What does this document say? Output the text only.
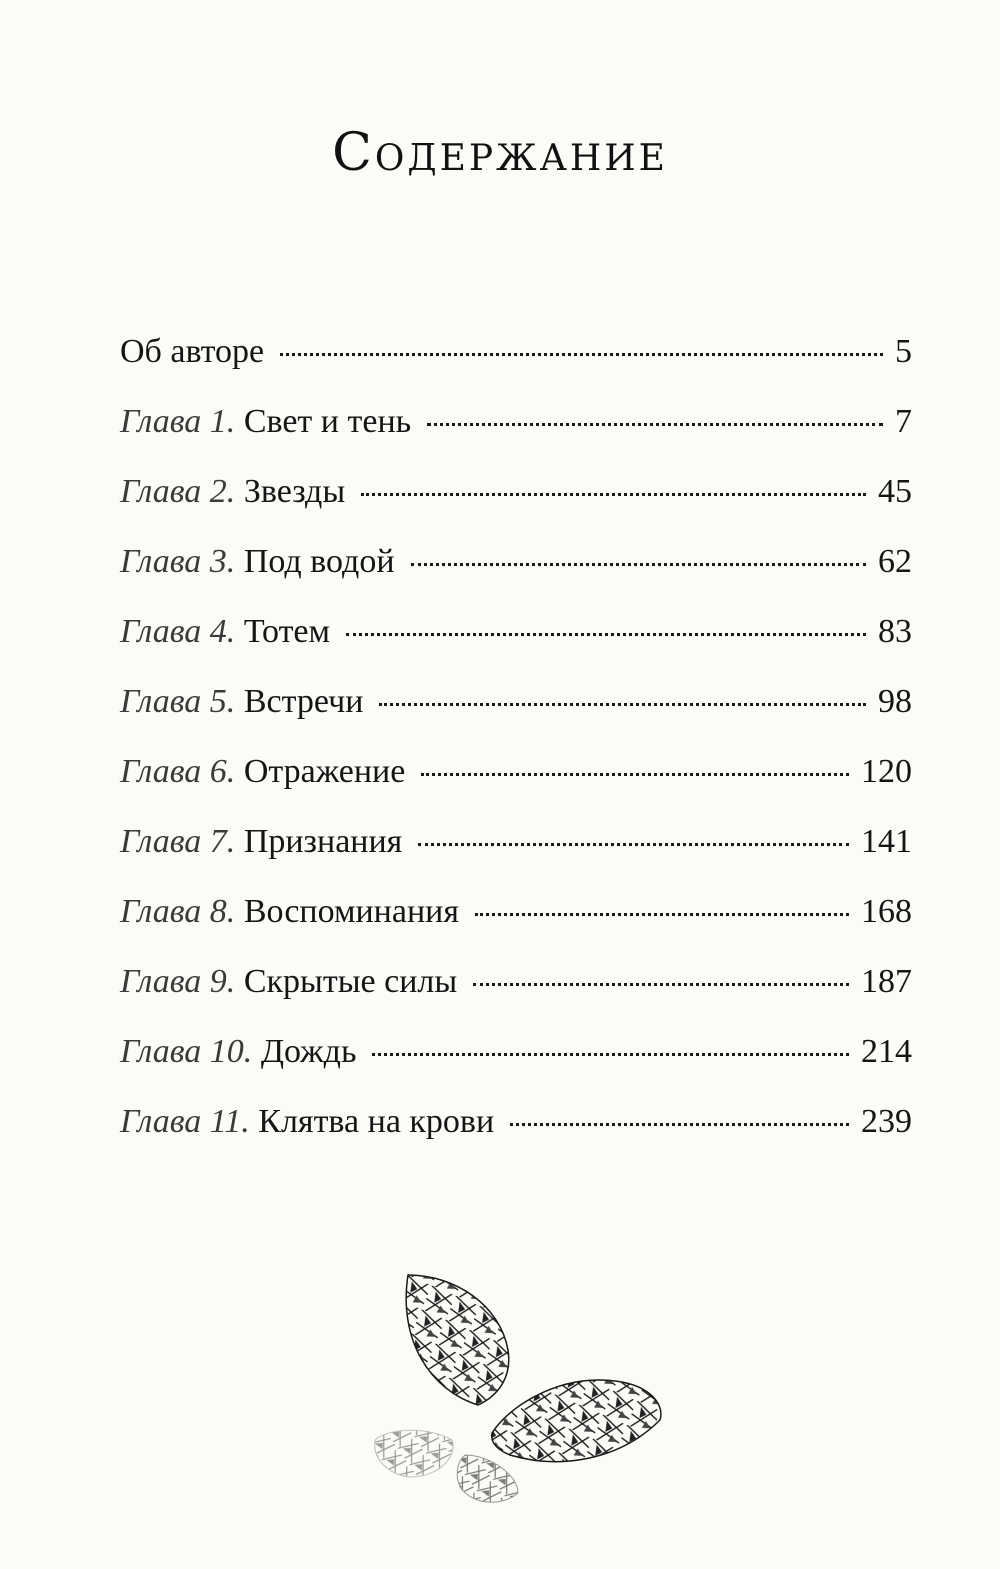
Содержание
Об авторе	5
Глава 1. Свет и тень	7
Глава 2. Звезды	45
Глава 3. Под водой	62
Глава 4. Тотем	83
Глава 5. Встречи	98
Глава 6. Отражение	120
Глава 7. Признания	141
Глава 8. Воспоминания	168
Глава 9. Скрытые силы	187
Глава 10. Дождь	214
Глава 11. Клятва на крови	239
